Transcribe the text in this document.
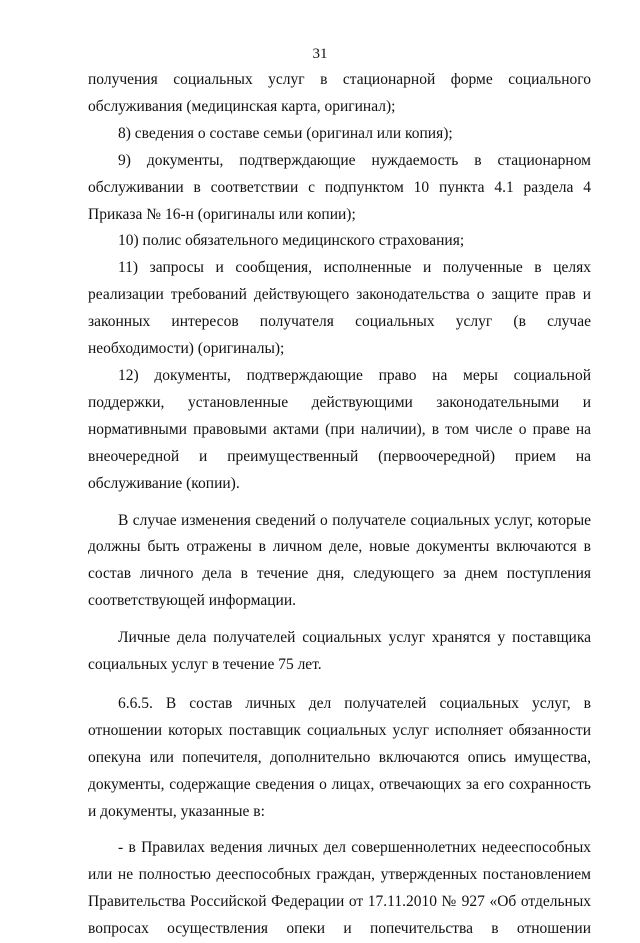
31

получения социальных услуг в стационарной форме социального обслуживания (медицинская карта, оригинал);

8) сведения о составе семьи (оригинал или копия);

9) документы, подтверждающие нуждаемость в стационарном обслуживании в соответствии с подпунктом 10 пункта 4.1 раздела 4 Приказа № 16-н (оригиналы или копии);

10) полис обязательного медицинского страхования;

11) запросы и сообщения, исполненные и полученные в целях реализации требований действующего законодательства о защите прав и законных интересов получателя социальных услуг (в случае необходимости) (оригиналы);

12) документы, подтверждающие право на меры социальной поддержки, установленные действующими законодательными и нормативными правовыми актами (при наличии), в том числе о праве на внеочередной и преимущественный (первоочередной) прием на обслуживание (копии).

В случае изменения сведений о получателе социальных услуг, которые должны быть отражены в личном деле, новые документы включаются в состав личного дела в течение дня, следующего за днем поступления соответствующей информации.

Личные дела получателей социальных услуг хранятся у поставщика социальных услуг в течение 75 лет.

6.6.5. В состав личных дел получателей социальных услуг, в отношении которых поставщик социальных услуг исполняет обязанности опекуна или попечителя, дополнительно включаются опись имущества, документы, содержащие сведения о лицах, отвечающих за его сохранность и документы, указанные в:

- в Правилах ведения личных дел совершеннолетних недееспособных или не полностью дееспособных граждан, утвержденных постановлением Правительства Российской Федерации от 17.11.2010 № 927 «Об отдельных вопросах осуществления опеки и попечительства в отношении
